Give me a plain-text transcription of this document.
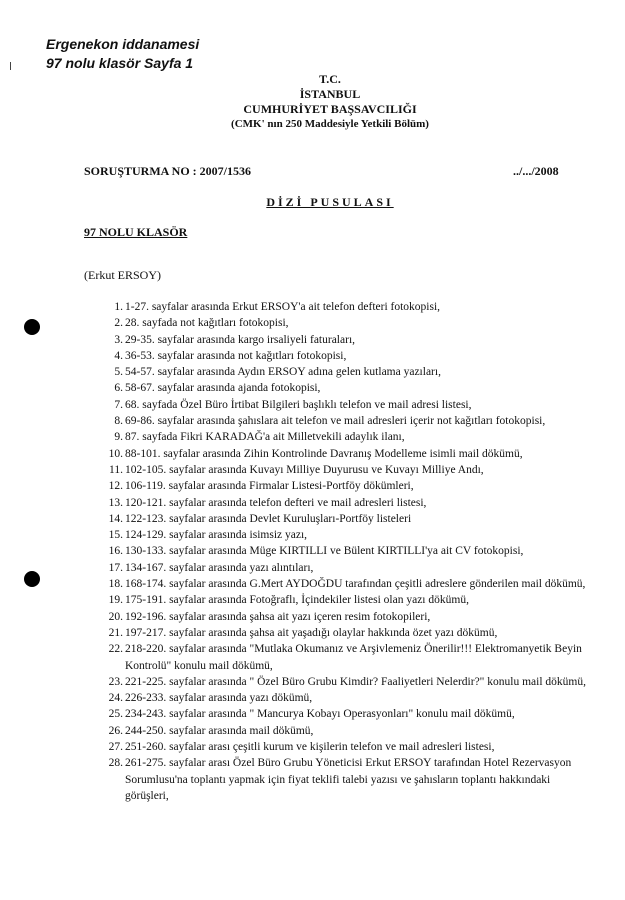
Ergenekon iddanamesi
97 nolu klasör Sayfa 1
T.C.
İSTANBUL
CUMHURİYET BAŞSAVCILIĞI
(CMK' nın 250 Maddesiyle Yetkili Bölüm)
SORUŞTURMA NO : 2007/1536	../.../2008
DİZİ PUSULASI
97 NOLU KLASÖR
(Erkut ERSOY)
1. 1-27. sayfalar arasında Erkut ERSOY'a ait telefon defteri fotokopisi,
2. 28. sayfada not kağıtları fotokopisi,
3. 29-35. sayfalar arasında kargo irsaliyeli faturaları,
4. 36-53. sayfalar arasında not kağıtları fotokopisi,
5. 54-57. sayfalar arasında Aydın ERSOY adına gelen kutlama yazıları,
6. 58-67. sayfalar arasında ajanda fotokopisi,
7. 68. sayfada Özel Büro İrtibat Bilgileri başlıklı telefon ve mail adresi listesi,
8. 69-86. sayfalar arasında şahıslara ait telefon ve mail adresleri içerir not kağıtları fotokopisi,
9. 87. sayfada Fikri KARADAĞ'a ait Milletvekili adaylık ilanı,
10. 88-101. sayfalar arasında Zihin Kontrolinde Davranış Modelleme isimli mail dökümü,
11. 102-105. sayfalar arasında Kuvayı Milliye Duyurusu ve Kuvayı Milliye Andı,
12. 106-119. sayfalar arasında Firmalar Listesi-Portföy dökümleri,
13. 120-121. sayfalar arasında telefon defteri ve mail adresleri listesi,
14. 122-123. sayfalar arasında Devlet Kuruluşları-Portföy listeleri
15. 124-129. sayfalar arasında isimsiz yazı,
16. 130-133. sayfalar arasında Müge KIRTILLI ve Bülent KIRTILLI'ya ait CV fotokopisi,
17. 134-167. sayfalar arasında yazı alıntıları,
18. 168-174. sayfalar arasında G.Mert AYDOĞDU tarafından çeşitli adreslere gönderilen mail dökümü,
19. 175-191. sayfalar arasında Fotoğraflı, İçindekiler listesi olan yazı dökümü,
20. 192-196. sayfalar arasında şahsa ait yazı içeren resim fotokopileri,
21. 197-217. sayfalar arasında şahsa ait yaşadığı olaylar hakkında özet yazı dökümü,
22. 218-220. sayfalar arasında "Mutlaka Okumanız ve Arşivlemeniz Önerilir!!! Elektromanyetik Beyin Kontrolü" konulu mail dökümü,
23. 221-225. sayfalar arasında " Özel Büro Grubu Kimdir? Faaliyetleri Nelerdir?" konulu mail dökümü,
24. 226-233. sayfalar arasında yazı dökümü,
25. 234-243. sayfalar arasında " Mancurya Kobayı Operasyonları" konulu mail dökümü,
26. 244-250. sayfalar arasında mail dökümü,
27. 251-260. sayfalar arası çeşitli kurum ve kişilerin telefon ve mail adresleri listesi,
28. 261-275. sayfalar arası Özel Büro Grubu Yöneticisi Erkut ERSOY tarafından Hotel Rezervasyon Sorumlusu'na toplantı yapmak için fiyat teklifi talebi yazısı ve şahısların toplantı hakkındaki görüşleri,
